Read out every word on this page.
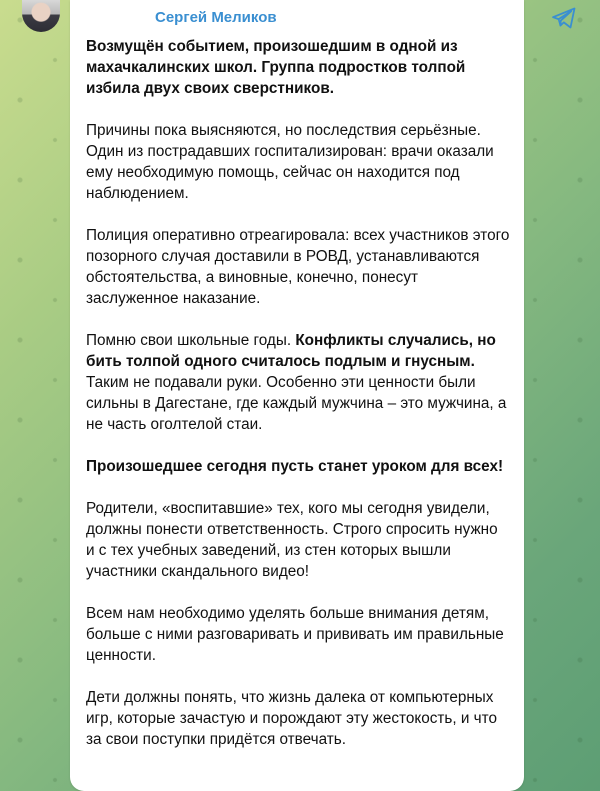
Сергей Меликов

Возмущён событием, произошедшим в одной из махачкалинских школ. Группа подростков толпой избила двух своих сверстников.

Причины пока выясняются, но последствия серьёзные. Один из пострадавших госпитализирован: врачи оказали ему необходимую помощь, сейчас он находится под наблюдением.

Полиция оперативно отреагировала: всех участников этого позорного случая доставили в РОВД, устанавливаются обстоятельства, а виновные, конечно, понесут заслуженное наказание.

Помню свои школьные годы. Конфликты случались, но бить толпой одного считалось подлым и гнусным. Таким не подавали руки. Особенно эти ценности были сильны в Дагестане, где каждый мужчина – это мужчина, а не часть оголтелой стаи.

Произошедшее сегодня пусть станет уроком для всех!

Родители, «воспитавшие» тех, кого мы сегодня увидели, должны понести ответственность. Строго спросить нужно и с тех учебных заведений, из стен которых вышли участники скандального видео!

Всем нам необходимо уделять больше внимания детям, больше с ними разговаривать и прививать им правильные ценности.

Дети должны понять, что жизнь далека от компьютерных игр, которые зачастую и порождают эту жестокость, и что за свои поступки придётся отвечать.
